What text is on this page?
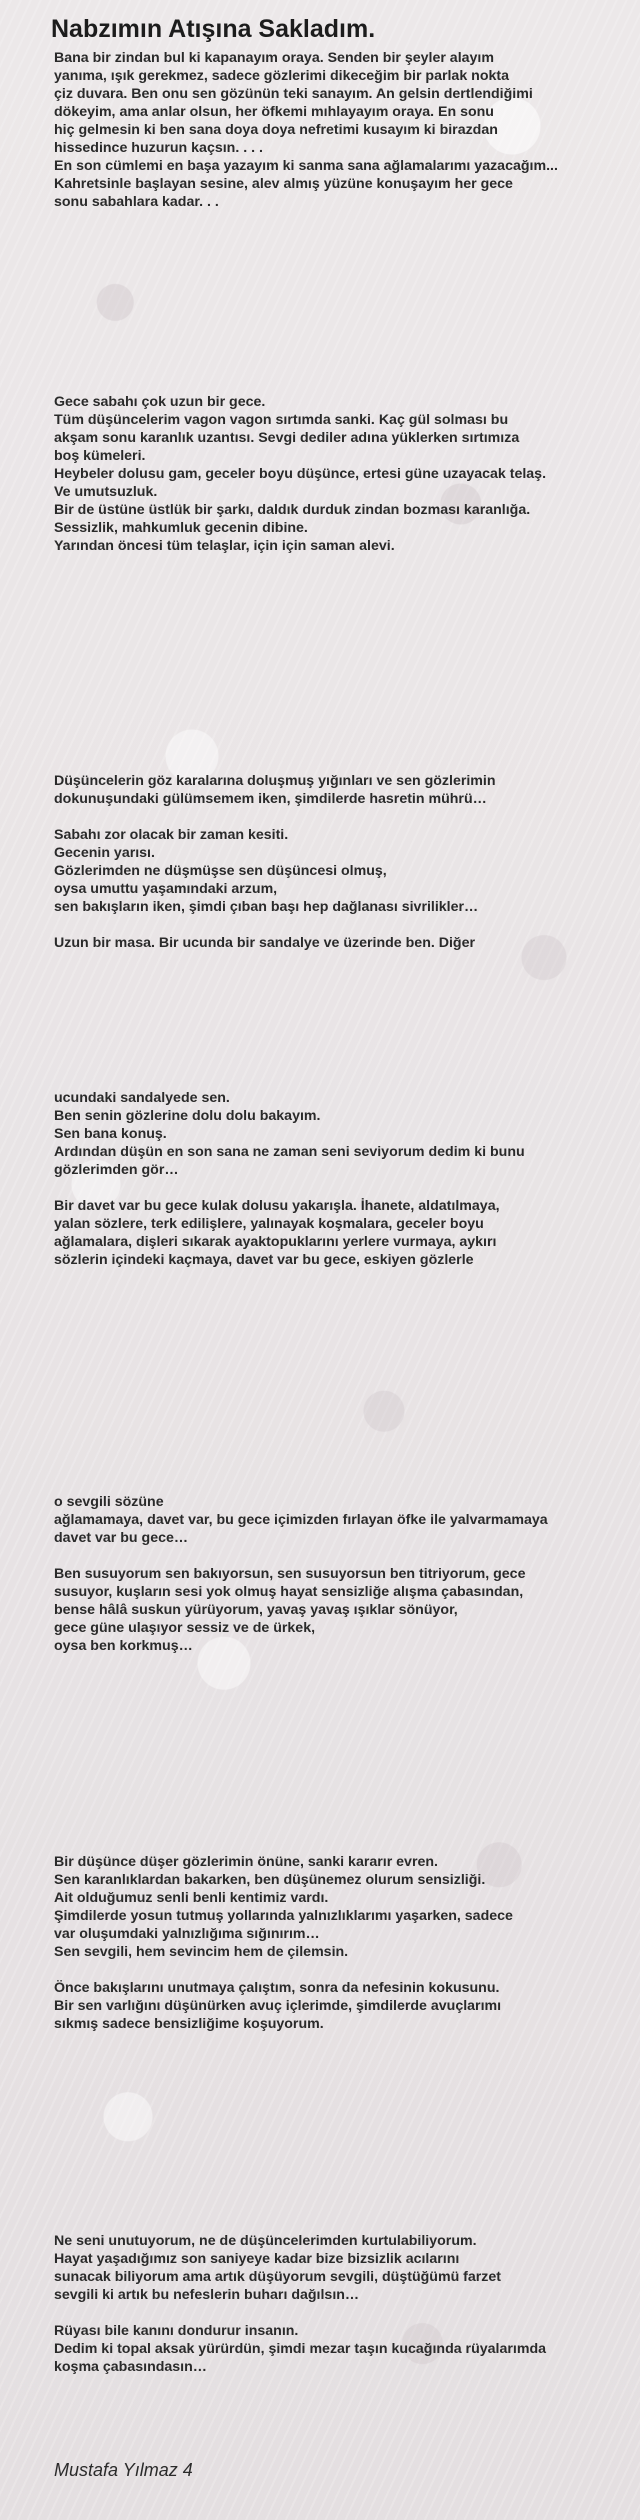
Nabzımın Atışına Sakladım.

Bana bir zindan bul ki kapanayım oraya. Senden bir şeyler alayım
yanıma, ışık gerekmez, sadece gözlerimi dikeceğim bir parlak nokta
çiz duvara. Ben onu sen gözünün teki sanayım. An gelsin dertlendiğimi
dökeyim, ama anlar olsun, her öfkemi mıhlayayım oraya. En sonu
hiç gelmesin ki ben sana doya doya nefretimi kusayım ki birazdan
hissedince huzurun kaçsın. . . .
En son cümlemi en başa yazayım ki sanma sana ağlamalarımı yazacağım...
Kahretsinle başlayan sesine, alev almış yüzüne konuşayım her gece
sonu sabahlara kadar. . .

Gece sabahı çok uzun bir gece.
Tüm düşüncelerim vagon vagon sırtımda sanki. Kaç gül solması bu
akşam sonu karanlık uzantısı. Sevgi dediler adına yüklerken sırtımıza
boş kümeleri.
Heybeler dolusu gam, geceler boyu düşünce, ertesi güne uzayacak telaş.
Ve umutsuzluk.
Bir de üstüne üstlük bir şarkı, daldık durduk zindan bozması karanlığa.
Sessizlik, mahkumluk gecenin dibine.
Yarından öncesi tüm telaşlar, için için saman alevi.

Düşüncelerin göz karalarına doluşmuş yığınları ve sen gözlerimin
dokunuşundaki gülümsemem iken, şimdilerde hasretin mührü…

Sabahı zor olacak bir zaman kesiti.
Gecenin yarısı.
Gözlerimden ne düşmüşse sen düşüncesi olmuş,
oysa umuttu yaşamındaki arzum,
sen bakışların iken, şimdi çıban başı hep dağlanası sivrilikler…

Uzun bir masa. Bir ucunda bir sandalye ve üzerinde ben. Diğer

ucundaki sandalyede sen.
Ben senin gözlerine dolu dolu bakayım.
Sen bana konuş.
Ardından düşün en son sana ne zaman seni seviyorum dedim ki bunu
gözlerimden gör…

Bir davet var bu gece kulak dolusu yakarışla. İhanete, aldatılmaya,
yalan sözlere, terk edilişlere, yalınayak koşmalara, geceler boyu
ağlamalara, dişleri sıkarak ayaktopuklarını yerlere vurmaya, aykırı
sözlerin içindeki kaçmaya, davet var bu gece, eskiyen gözlerle

o sevgili sözüne
ağlamamaya, davet var, bu gece içimizden fırlayan öfke ile yalvarmamaya
davet var bu gece…

Ben susuyorum sen bakıyorsun, sen susuyorsun ben titriyorum, gece
susuyor, kuşların sesi yok olmuş hayat sensizliğe alışma çabasından,
bense hâlâ suskun yürüyorum, yavaş yavaş ışıklar sönüyor,
gece güne ulaşıyor sessiz ve de ürkek,
oysa ben korkmuş…

Bir düşünce düşer gözlerimin önüne, sanki kararır evren.
Sen karanlıklardan bakarken, ben düşünemez olurum sensizliği.
Ait olduğumuz senli benli kentimiz vardı.
Şimdilerde yosun tutmuş yollarında yalnızlıklarımı yaşarken, sadece
var oluşumdaki yalnızlığıma sığınırım…
Sen sevgili, hem sevincim hem de çilemsin.

Önce bakışlarını unutmaya çalıştım, sonra da nefesinin kokusunu.
Bir sen varlığını düşünürken avuç içlerimde, şimdilerde avuçlarımı
sıkmış sadece bensizliğime koşuyorum.

Ne seni unutuyorum, ne de düşüncelerimden kurtulabiliyorum.
Hayat yaşadığımız son saniyeye kadar bize bizsizlik acılarını
sunacak biliyorum ama artık düşüyorum sevgili, düştüğümü farzet
sevgili ki artık bu nefeslerin buharı dağılsın…

Rüyası bile kanını dondurur insanın.
Dedim ki topal aksak yürürdün, şimdi mezar taşın kucağında rüyalarımda
koşma çabasındasın…

Mustafa Yılmaz 4
